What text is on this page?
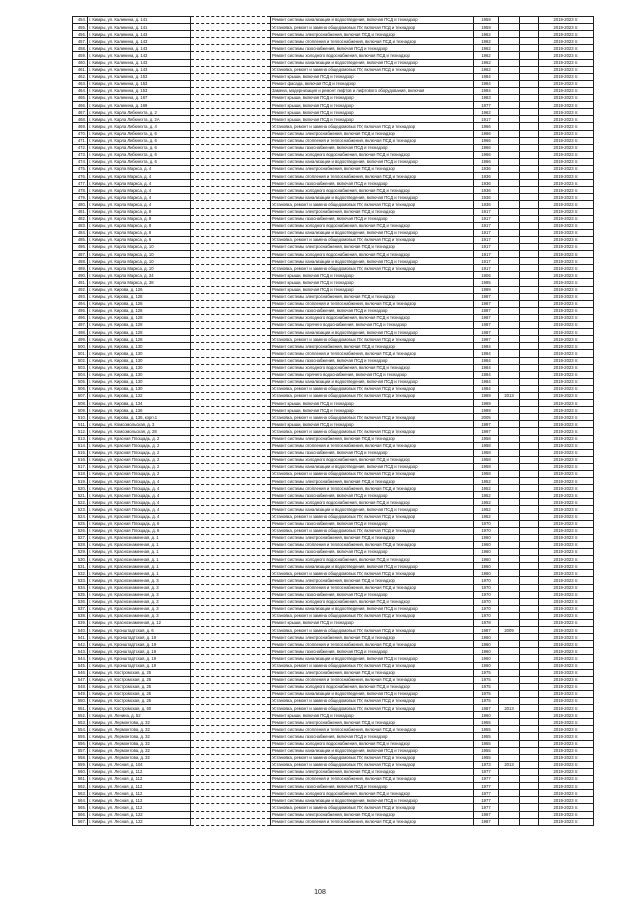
454.	г. Кимры, ул. Калинина, д. 141		Ремонт системы канализации и водоотведения, включая ПСД и технадзор	1959			2019-2023 гг.
455.	г. Кимры, ул. Калинина, д. 141		Установка, ремонт и замена общедомовых ПУ, включая ПСД и технадзор	1959			2019-2023 гг.
456.	г. Кимры, ул. Калинина, д. 143		Ремонт системы электроснабжения, включая ПСД и технадзор	1962			2019-2023 гг.
457.	г. Кимры, ул. Калинина, д. 143		Ремонт системы отопления и теплоснабжения, включая ПСД и технадзор	1962			2019-2023 гг.
458.	г. Кимры, ул. Калинина, д. 143		Ремонт системы газоснабжения, включая ПСД и технадзор	1962			2019-2023 гг.
459.	г. Кимры, ул. Калинина, д. 143		Ремонт системы холодного водоснабжения, включая ПСД и технадзор	1962			2019-2023 гг.
460.	г. Кимры, ул. Калинина, д. 143		Ремонт системы канализации и водоотведения, включая ПСД и технадзор	1962			2019-2023 гг.
461.	г. Кимры, ул. Калинина, д. 143		Установка, ремонт и замена общедомовых ПУ, включая ПСД и технадзор	1962			2019-2023 гг.
462.	г. Кимры, ул. Калинина, д. 153		Ремонт крыши, включая ПСД и технадзор	1984			2019-2023 гг.
463.	г. Кимры, ул. Калинина, д. 153		Ремонт фасада, включая ПСД и технадзор	1984			2019-2023 гг.
464.	г. Кимры, ул. Калинина, д. 153		Замена, модернизация и ремонт лифтов и лифтового оборудования, включая	1984			2019-2023 гг.
465.	г. Кимры, ул. Калинина, д. 167		Ремонт крыши, включая ПСД и технадзор	1983			2019-2023 гг.
466.	г. Кимры, ул. Калинина, д. 169		Ремонт крыши, включая ПСД и технадзор	1977			2019-2023 гг.
467.	г. Кимры, ул. Карла Либкнехта, д. 2		Ремонт крыши, включая ПСД и технадзор	1962			2019-2023 гг.
468.	г. Кимры, ул. Карла Либкнехта, д. 2А		Ремонт крыши, включая ПСД и технадзор	1917			2019-2023 гг.
469.	г. Кимры, ул. Карла Либкнехта, д. 4		Установка, ремонт и замена общедомовых ПУ, включая ПСД и технадзор	1966			2019-2023 гг.
470.	г. Кимры, ул. Карла Либкнехта, д. 6		Ремонт системы электроснабжения, включая ПСД и технадзор	1966			2019-2023 гг.
471.	г. Кимры, ул. Карла Либкнехта, д. 6		Ремонт системы отопления и теплоснабжения, включая ПСД и технадзор	1966			2019-2023 гг.
472.	г. Кимры, ул. Карла Либкнехта, д. 6		Ремонт системы газоснабжения, включая ПСД и технадзор	1966			2019-2023 гг.
473.	г. Кимры, ул. Карла Либкнехта, д. 6		Ремонт системы холодного водоснабжения, включая ПСД и технадзор	1966			2019-2023 гг.
474.	г. Кимры, ул. Карла Либкнехта, д. 6		Ремонт системы канализации и водоотведения, включая ПСД и технадзор	1966			2019-2023 гг.
475.	г. Кимры, ул. Карла Маркса, д. 4		Ремонт системы электроснабжения, включая ПСД и технадзор	1936			2019-2023 гг.
476.	г. Кимры, ул. Карла Маркса, д. 4		Ремонт системы отопления и теплоснабжения, включая ПСД и технадзор	1936			2019-2023 гг.
477.	г. Кимры, ул. Карла Маркса, д. 4		Ремонт системы газоснабжения, включая ПСД и технадзор	1936			2019-2023 гг.
478.	г. Кимры, ул. Карла Маркса, д. 4		Ремонт системы холодного водоснабжения, включая ПСД и технадзор	1936			2019-2023 гг.
479.	г. Кимры, ул. Карла Маркса, д. 4		Ремонт системы канализации и водоотведения, включая ПСД и технадзор	1936			2019-2023 гг.
480.	г. Кимры, ул. Карла Маркса, д. 4		Установка, ремонт и замена общедомовых ПУ, включая ПСД и технадзор	1936			2019-2023 гг.
481.	г. Кимры, ул. Карла Маркса, д. 8		Ремонт системы электроснабжения, включая ПСД и технадзор	1917			2019-2023 гг.
482.	г. Кимры, ул. Карла Маркса, д. 8		Ремонт системы газоснабжения, включая ПСД и технадзор	1917			2019-2023 гг.
483.	г. Кимры, ул. Карла Маркса, д. 8		Ремонт системы холодного водоснабжения, включая ПСД и технадзор	1917			2019-2023 гг.
484.	г. Кимры, ул. Карла Маркса, д. 8		Ремонт системы канализации и водоотведения, включая ПСД и технадзор	1917			2019-2023 гг.
485.	г. Кимры, ул. Карла Маркса, д. 8		Установка, ремонт и замена общедомовых ПУ, включая ПСД и технадзор	1917			2019-2023 гг.
486.	г. Кимры, ул. Карла Маркса, д. 10		Ремонт системы электроснабжения, включая ПСД и технадзор	1917			2019-2023 гг.
487.	г. Кимры, ул. Карла Маркса, д. 10		Ремонт системы холодного водоснабжения, включая ПСД и технадзор	1917			2019-2023 гг.
488.	г. Кимры, ул. Карла Маркса, д. 10		Ремонт системы канализации и водоотведения, включая ПСД и технадзор	1917			2019-2023 гг.
489.	г. Кимры, ул. Карла Маркса, д. 10		Установка, ремонт и замена общедомовых ПУ, включая ПСД и технадзор	1917			2019-2023 гг.
490.	г. Кимры, ул. Карла Маркса, д. 34		Ремонт крыши, включая ПСД и технадзор	1906			2019-2023 гг.
491.	г. Кимры, ул. Карла Маркса, д. 38		Ремонт крыши, включая ПСД и технадзор	1985			2019-2023 гг.
492.	г. Кимры, ул. Кирова, д. 126		Ремонт крыши, включая ПСД и технадзор	1989			2019-2023 гг.
493.	г. Кимры, ул. Кирова, д. 128		Ремонт системы электроснабжения, включая ПСД и технадзор	1987			2019-2023 гг.
494.	г. Кимры, ул. Кирова, д. 128		Ремонт системы отопления и теплоснабжения, включая ПСД и технадзор	1987			2019-2023 гг.
495.	г. Кимры, ул. Кирова, д. 128		Ремонт системы газоснабжения, включая ПСД и технадзор	1987			2019-2023 гг.
496.	г. Кимры, ул. Кирова, д. 128		Ремонт системы холодного водоснабжения, включая ПСД и технадзор	1987			2019-2023 гг.
497.	г. Кимры, ул. Кирова, д. 128		Ремонт системы горячего водоснабжения, включая ПСД и технадзор	1987			2019-2023 гг.
498.	г. Кимры, ул. Кирова, д. 128		Ремонт системы канализации и водоотведения, включая ПСД и технадзор	1987			2019-2023 гг.
499.	г. Кимры, ул. Кирова, д. 128		Установка, ремонт и замена общедомовых ПУ, включая ПСД и технадзор	1987			2019-2023 гг.
500.	г. Кимры, ул. Кирова, д. 130		Ремонт системы электроснабжения, включая ПСД и технадзор	1984			2019-2023 гг.
501.	г. Кимры, ул. Кирова, д. 130		Ремонт системы отопления и теплоснабжения, включая ПСД и технадзор	1984			2019-2023 гг.
502.	г. Кимры, ул. Кирова, д. 130		Ремонт системы газоснабжения, включая ПСД и технадзор	1984			2019-2023 гг.
503.	г. Кимры, ул. Кирова, д. 130		Ремонт системы холодного водоснабжения, включая ПСД и технадзор	1984			2019-2023 гг.
504.	г. Кимры, ул. Кирова, д. 130		Ремонт системы горячего водоснабжения, включая ПСД и технадзор	1984			2019-2023 гг.
505.	г. Кимры, ул. Кирова, д. 130		Ремонт системы канализации и водоотведения, включая ПСД и технадзор	1984			2019-2023 гг.
506.	г. Кимры, ул. Кирова, д. 130		Установка, ремонт и замена общедомовых ПУ, включая ПСД и технадзор	1984			2019-2023 гг.
507.	г. Кимры, ул. Кирова, д. 132		Установка, ремонт и замена общедомовых ПУ, включая ПСД и технадзор	1989	2013		2019-2023 гг.
508.	г. Кимры, ул. Кирова, д. 134		Ремонт крыши, включая ПСД и технадзор	1989			2019-2023 гг.
509.	г. Кимры, ул. Кирова, д. 136		Ремонт крыши, включая ПСД и технадзор	1989			2019-2023 гг.
510.	г. Кимры, ул. Кирова, д. 136, корп.1		Установка, ремонт и замена общедомовых ПУ, включая ПСД и технадзор	2005			2019-2023 гг.
511.	г. Кимры, ул. Комсомольская, д. 3		Ремонт крыши, включая ПСД и технадзор	1997			2019-2023 гг.
512.	г. Кимры, ул. Комсомольская, д. 28		Установка, ремонт и замена общедомовых ПУ, включая ПСД и технадзор	1997			2019-2023 гг.
513.	г. Кимры, ул. Красная Площадь, д. 2		Ремонт системы электроснабжения, включая ПСД и технадзор	1958			2019-2023 гг.
514.	г. Кимры, ул. Красная Площадь, д. 2		Ремонт системы отопления и теплоснабжения, включая ПСД и технадзор	1958			2019-2023 гг.
515.	г. Кимры, ул. Красная Площадь, д. 2		Ремонт системы газоснабжения, включая ПСД и технадзор	1958			2019-2023 гг.
516.	г. Кимры, ул. Красная Площадь, д. 2		Ремонт системы холодного водоснабжения, включая ПСД и технадзор	1958			2019-2023 гг.
517.	г. Кимры, ул. Красная Площадь, д. 2		Ремонт системы канализации и водоотведения, включая ПСД и технадзор	1958			2019-2023 гг.
518.	г. Кимры, ул. Красная Площадь, д. 2		Установка, ремонт и замена общедомовых ПУ, включая ПСД и технадзор	1958			2019-2023 гг.
519.	г. Кимры, ул. Красная Площадь, д. 4		Ремонт системы электроснабжения, включая ПСД и технадзор	1952			2019-2023 гг.
520.	г. Кимры, ул. Красная Площадь, д. 4		Ремонт системы отопления и теплоснабжения, включая ПСД и технадзор	1952			2019-2023 гг.
521.	г. Кимры, ул. Красная Площадь, д. 4		Ремонт системы газоснабжения, включая ПСД и технадзор	1952			2019-2023 гг.
522.	г. Кимры, ул. Красная Площадь, д. 4		Ремонт системы холодного водоснабжения, включая ПСД и технадзор	1952			2019-2023 гг.
523.	г. Кимры, ул. Красная Площадь, д. 4		Ремонт системы канализации и водоотведения, включая ПСД и технадзор	1952			2019-2023 гг.
524.	г. Кимры, ул. Красная Площадь, д. 4		Установка, ремонт и замена общедомовых ПУ, включая ПСД и технадзор	1952			2019-2023 гг.
525.	г. Кимры, ул. Красная Площадь, д. 6		Ремонт системы газоснабжения, включая ПСД и технадзор	1970			2019-2023 гг.
526.	г. Кимры, ул. Красная Площадь, д. 6		Установка, ремонт и замена общедомовых ПУ, включая ПСД и технадзор	1970			2019-2023 гг.
527.	г. Кимры, ул. Краснознаменная, д. 1		Ремонт системы электроснабжения, включая ПСД и технадзор	1960			2019-2023 гг.
528.	г. Кимры, ул. Краснознаменная, д. 1		Ремонт системы отопления и теплоснабжения, включая ПСД и технадзор	1960			2019-2023 гг.
529.	г. Кимры, ул. Краснознаменная, д. 1		Ремонт системы газоснабжения, включая ПСД и технадзор	1960			2019-2023 гг.
530.	г. Кимры, ул. Краснознаменная, д. 1		Ремонт системы холодного водоснабжения, включая ПСД и технадзор	1960			2019-2023 гг.
531.	г. Кимры, ул. Краснознаменная, д. 1		Ремонт системы канализации и водоотведения, включая ПСД и технадзор	1960			2019-2023 гг.
532.	г. Кимры, ул. Краснознаменная, д. 1		Установка, ремонт и замена общедомовых ПУ, включая ПСД и технадзор	1960			2019-2023 гг.
533.	г. Кимры, ул. Краснознаменная, д. 3		Ремонт системы электроснабжения, включая ПСД и технадзор	1970			2019-2023 гг.
534.	г. Кимры, ул. Краснознаменная, д. 3		Ремонт системы отопления и теплоснабжения, включая ПСД и технадзор	1970			2019-2023 гг.
535.	г. Кимры, ул. Краснознаменная, д. 3		Ремонт системы газоснабжения, включая ПСД и технадзор	1970			2019-2023 гг.
536.	г. Кимры, ул. Краснознаменная, д. 3		Ремонт системы холодного водоснабжения, включая ПСД и технадзор	1970			2019-2023 гг.
537.	г. Кимры, ул. Краснознаменная, д. 3		Ремонт системы канализации и водоотведения, включая ПСД и технадзор	1970			2019-2023 гг.
538.	г. Кимры, ул. Краснознаменная, д. 3		Установка, ремонт и замена общедомовых ПУ, включая ПСД и технадзор	1970			2019-2023 гг.
539.	г. Кимры, ул. Краснознаменная, д. 12		Ремонт крыши, включая ПСД и технадзор	1978			2019-2023 гг.
540.	г. Кимры, ул. Кронштадтская, д. 6		Установка, ремонт и замена общедомовых ПУ, включая ПСД и технадзор	1987	2009		2019-2023 гг.
541.	г. Кимры, ул. Кронштадтская, д. 19		Ремонт системы электроснабжения, включая ПСД и технадзор	1960			2019-2023 гг.
542.	г. Кимры, ул. Кронштадтская, д. 19		Ремонт системы отопления и теплоснабжения, включая ПСД и технадзор	1960			2019-2023 гг.
543.	г. Кимры, ул. Кронштадтская, д. 19		Ремонт системы газоснабжения, включая ПСД и технадзор	1960			2019-2023 гг.
544.	г. Кимры, ул. Кронштадтская, д. 19		Ремонт системы канализации и водоотведения, включая ПСД и технадзор	1960			2019-2023 гг.
545.	г. Кимры, ул. Кронштадтская, д. 19		Установка, ремонт и замена общедомовых ПУ, включая ПСД и технадзор	1960			2019-2023 гг.
546.	г. Кимры, ул. Костромская, д. 25		Ремонт системы электроснабжения, включая ПСД и технадзор	1975			2019-2023 гг.
547.	г. Кимры, ул. Костромская, д. 25		Ремонт системы отопления и теплоснабжения, включая ПСД и технадзор	1975			2019-2023 гг.
548.	г. Кимры, ул. Костромская, д. 25		Ремонт системы холодного водоснабжения, включая ПСД и технадзор	1975			2019-2023 гг.
549.	г. Кимры, ул. Костромская, д. 25		Ремонт системы канализации и водоотведения, включая ПСД и технадзор	1975			2019-2023 гг.
550.	г. Кимры, ул. Костромская, д. 25		Установка, ремонт и замена общедомовых ПУ, включая ПСД и технадзор	1975			2019-2023 гг.
551.	г. Кимры, ул. Костромская, д. 50		Установка, ремонт и замена общедомовых ПУ, включая ПСД и технадзор	1987	2013		2019-2023 гг.
552.	г. Кимры, ул. Ленина, д. 52		Ремонт крыши, включая ПСД и технадзор	1960			2019-2023 гг.
553.	г. Кимры, ул. Лермонтова, д. 32		Ремонт системы электроснабжения, включая ПСД и технадзор	1955			2019-2023 гг.
554.	г. Кимры, ул. Лермонтова, д. 32		Ремонт системы отопления и теплоснабжения, включая ПСД и технадзор	1955			2019-2023 гг.
555.	г. Кимры, ул. Лермонтова, д. 32		Ремонт системы газоснабжения, включая ПСД и технадзор	1955			2019-2023 гг.
556.	г. Кимры, ул. Лермонтова, д. 32		Ремонт системы холодного водоснабжения, включая ПСД и технадзор	1955			2019-2023 гг.
557.	г. Кимры, ул. Лермонтова, д. 32		Ремонт системы канализации и водоотведения, включая ПСД и технадзор	1955			2019-2023 гг.
558.	г. Кимры, ул. Лермонтова, д. 32		Установка, ремонт и замена общедомовых ПУ, включая ПСД и технадзор	1955			2019-2023 гг.
559.	г. Кимры, ул. Лесная, д. 104		Установка, ремонт и замена общедомовых ПУ, включая ПСД и технадзор	1973	2013		2019-2023 гг.
560.	г. Кимры, ул. Лесная, д. 112		Ремонт системы электроснабжения, включая ПСД и технадзор	1977			2019-2023 гг.
561.	г. Кимры, ул. Лесная, д. 112		Ремонт системы отопления и теплоснабжения, включая ПСД и технадзор	1977			2019-2023 гг.
562.	г. Кимры, ул. Лесная, д. 112		Ремонт системы газоснабжения, включая ПСД и технадзор	1977			2019-2023 гг.
563.	г. Кимры, ул. Лесная, д. 112		Ремонт системы холодного водоснабжения, включая ПСД и технадзор	1977			2019-2023 гг.
564.	г. Кимры, ул. Лесная, д. 112		Ремонт системы канализации и водоотведения, включая ПСД и технадзор	1977			2019-2023 гг.
565.	г. Кимры, ул. Лесная, д. 112		Установка, ремонт и замена общедомовых ПУ, включая ПСД и технадзор	1977			2019-2023 гг.
566.	г. Кимры, ул. Лесная, д. 122		Ремонт системы электроснабжения, включая ПСД и технадзор	1987			2019-2023 гг.
567.	г. Кимры, ул. Лесная, д. 122		Ремонт системы отопления и теплоснабжения, включая ПСД и технадзор	1987			2019-2023 гг.
108
